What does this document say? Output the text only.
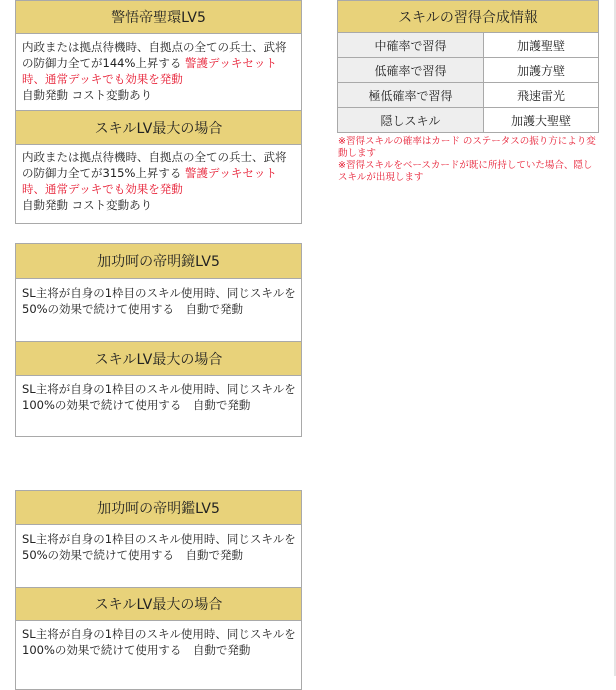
警悟帝聖環LV5
内政または拠点待機時、自拠点の全ての兵士、武将の防御力全てが144%上昇する 警護デッキセット時、通常デッキでも効果を発動
自動発動 コスト変動あり
スキルLV最大の場合
内政または拠点待機時、自拠点の全ての兵士、武将の防御力全てが315%上昇する 警護デッキセット時、通常デッキでも効果を発動
自動発動 コスト変動あり
加功呵の帝明鏡LV5
SL主将が自身の1枠目のスキル使用時、同じスキルを50%の効果で続けて使用する　自動で発動
スキルLV最大の場合
SL主将が自身の1枠目のスキル使用時、同じスキルを100%の効果で続けて使用する　自動で発動
加功呵の帝明鑑LV5
SL主将が自身の1枠目のスキル使用時、同じスキルを50%の効果で続けて使用する　自動で発動
スキルLV最大の場合
SL主将が自身の1枠目のスキル使用時、同じスキルを100%の効果で続けて使用する　自動で発動
スキルの習得合成情報	
中確率で習得	加護聖壁
低確率で習得	加護方壁
極低確率で習得	飛速雷光
隠しスキル	加護大聖壁
※習得スキルの確率はカード のステータスの振り方により変動します
※習得スキルをベースカードが既に所持していた場合、隠しスキルが出現します
